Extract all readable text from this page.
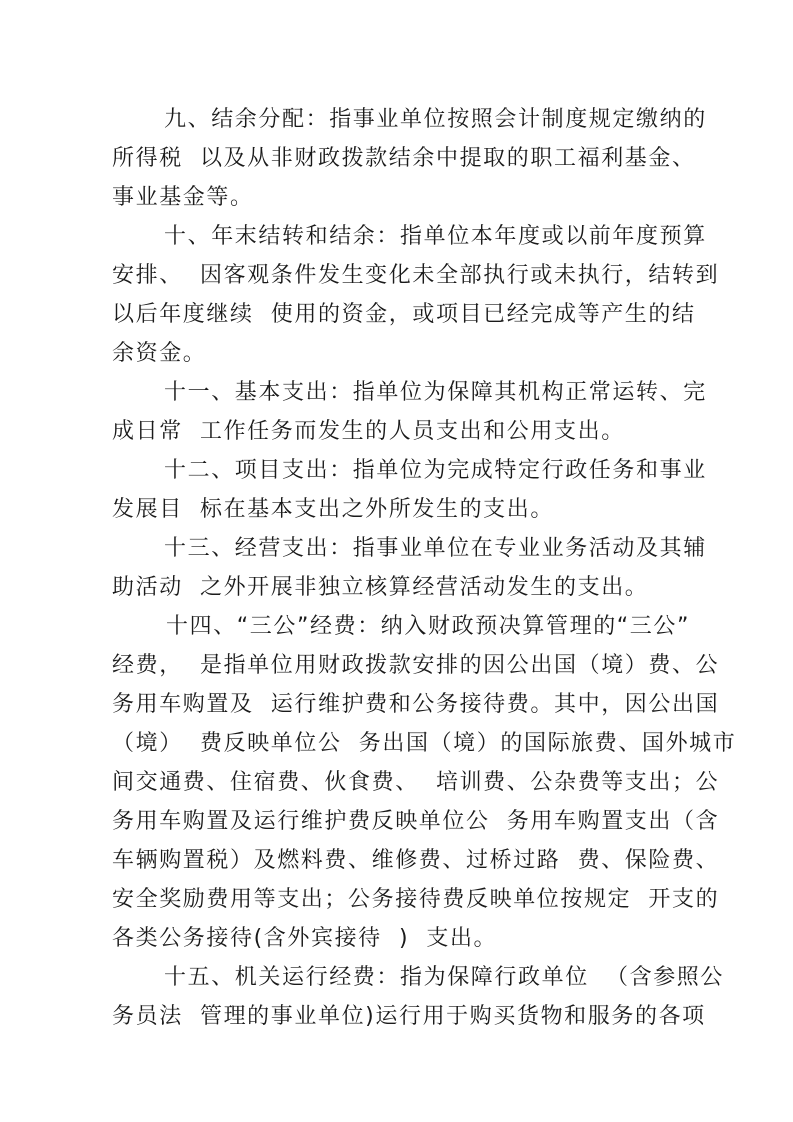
九、结余分配：指事业单位按照会计制度规定缴纳的
所得税  以及从非财政拨款结余中提取的职工福利基金、
事业基金等。
十、年末结转和结余：指单位本年度或以前年度预算
安排、  因客观条件发生变化未全部执行或未执行，结转到
以后年度继续  使用的资金，或项目已经完成等产生的结
余资金。
十一、基本支出：指单位为保障其机构正常运转、完
成日常  工作任务而发生的人员支出和公用支出。
十二、项目支出：指单位为完成特定行政任务和事业
发展目  标在基本支出之外所发生的支出。
十三、经营支出：指事业单位在专业业务活动及其辅
助活动  之外开展非独立核算经营活动发生的支出。
十四、“三公”经费：纳入财政预决算管理的“三公”
经费，  是指单位用财政拨款安排的因公出国（境）费、公
务用车购置及  运行维护费和公务接待费。其中，因公出国
（境）  费反映单位公  务出国（境）的国际旅费、国外城市
间交通费、住宿费、伙食费、  培训费、公杂费等支出；公
务用车购置及运行维护费反映单位公  务用车购置支出（含
车辆购置税）及燃料费、维修费、过桥过路  费、保险费、
安全奖励费用等支出；公务接待费反映单位按规定  开支的
各类公务接待(含外宾接待  )  支出。
十五、机关运行经费：指为保障行政单位  （含参照公
务员法  管理的事业单位)运行用于购买货物和服务的各项
